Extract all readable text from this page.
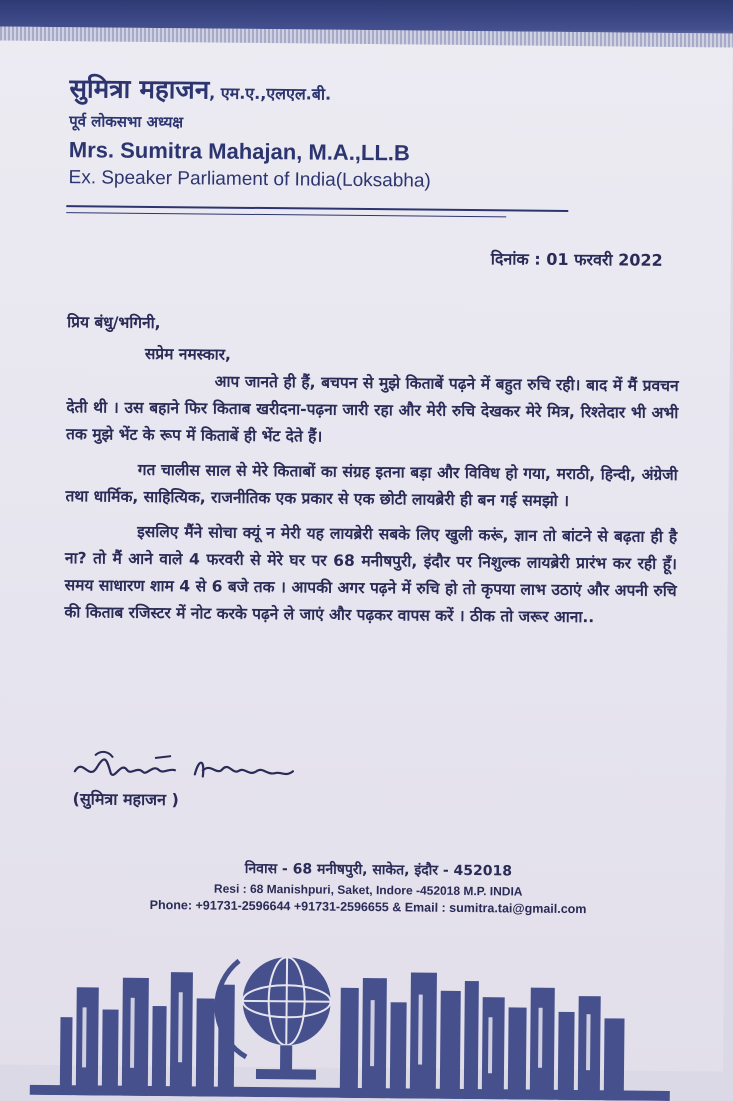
सुमित्रा महाजन, एम.ए.,एलएल.बी.
पूर्व लोकसभा अध्यक्ष
Mrs. Sumitra Mahajan, M.A.,LL.B
Ex. Speaker Parliament of India(Loksabha)
दिनांक : 01 फरवरी 2022

प्रिय बंधु/भगिनी,

सप्रेम नमस्कार,

आप जानते ही हैं, बचपन से मुझे किताबें पढ़ने में बहुत रुचि रही। बाद में मैं प्रवचन देती थी । उस बहाने फिर किताब खरीदना-पढ़ना जारी रहा और मेरी रुचि देखकर मेरे मित्र, रिश्तेदार भी अभी तक मुझे भेंट के रूप में किताबें ही भेंट देते हैं।

गत चालीस साल से मेरे किताबों का संग्रह इतना बड़ा और विविध हो गया, मराठी, हिन्दी, अंग्रेजी तथा धार्मिक, साहित्यिक, राजनीतिक एक प्रकार से एक छोटी लायब्रेरी ही बन गई समझो ।

इसलिए मैंने सोचा क्यूं न मेरी यह लायब्रेरी सबके लिए खुली करूं, ज्ञान तो बांटने से बढ़ता ही है ना? तो मैं आने वाले 4 फरवरी से मेरे घर पर 68 मनीषपुरी, इंदौर पर निशुल्क लायब्रेरी प्रारंभ कर रही हूँ। समय साधारण शाम 4 से 6 बजे तक । आपकी अगर पढ़ने में रुचि हो तो कृपया लाभ उठाएं और अपनी रुचि की किताब रजिस्टर में नोट करके पढ़ने ले जाएं और पढ़कर वापस करें । ठीक तो जरूर आना..

(सुमित्रा महाजन )
निवास - 68 मनीषपुरी, साकेत, इंदौर - 452018
Resi : 68 Manishpuri, Saket, Indore -452018 M.P. INDIA
Phone: +91731-2596644 +91731-2596655 & Email : sumitra.tai@gmail.com
